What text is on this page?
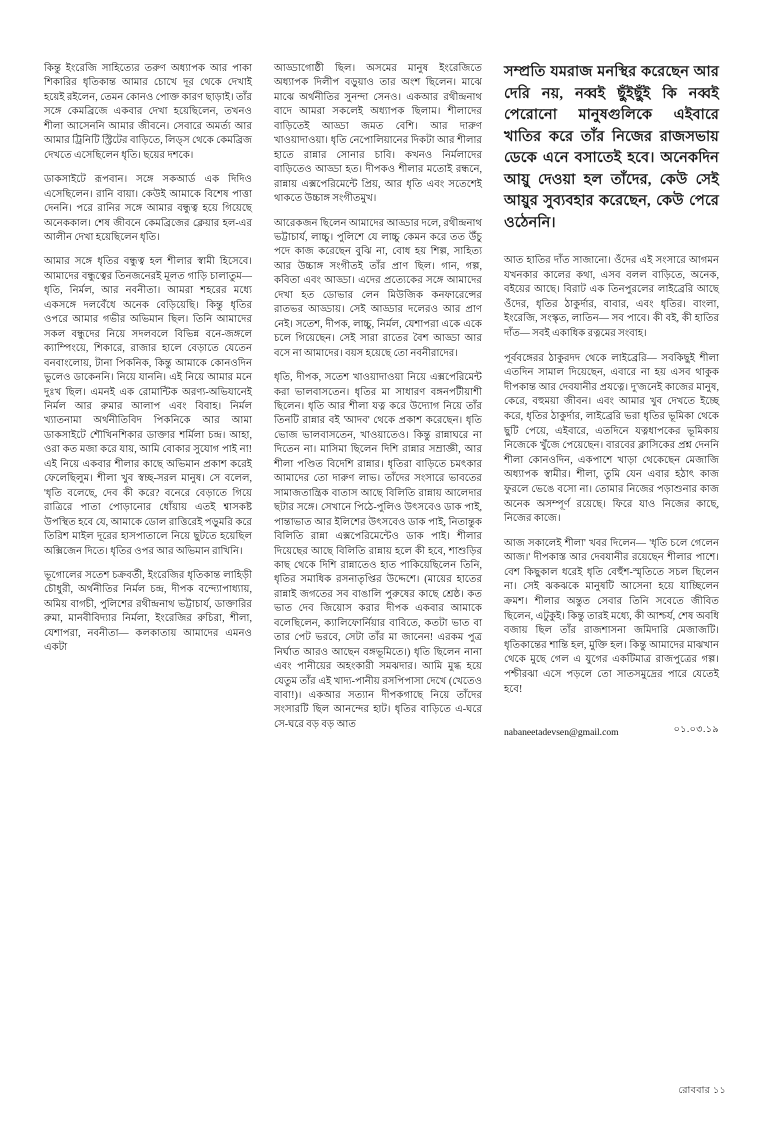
কিন্তু ইংরেজি সাহিত্যের তরুণ অধ্যাপক আর পাকা শিকারির ধৃতিকান্ত আমার চোখে দূর থেকে দেখাই হয়েই রইলেন, তেমন কোনও পোক্ত কারণ ছাড়াই। তাঁর সঙ্গে কেমব্রিজে একবার দেখা হয়েছিলেন, তখনও শীলা আসেননি আমার জীবনে। সেবারে অমর্ত্য আর আমার ট্রিনিটি স্ট্রিটের বাড়িতে, লিড্‌স থেকে কেমব্রিজ দেখতে এসেছিলেন ধৃতি। ছয়ের দশকে।

ডাকসাইটে রূপবান। সঙ্গে সকআর্ড এক দিদিও এসেছিলেন। রানি বায়া। কেউই আমাকে বিশেষ পাত্তা দেননি। পরে রানির সঙ্গে আমার বন্ধুত্ব হয়ে গিয়েছে অনেককাল। শেষ জীবনে কেমব্রিজের ক্লেয়ার হল-এর আলীন দেখা হয়েছিলেন ধৃতি।

আমার সঙ্গে ধৃতির বন্ধুত্ব হল শীলার স্বামী হিসেবে। আমাদের বন্ধুত্বের তিনজনেরই মূলত গাড়ি চালাতুম— ধৃতি, নির্মল, আর নবনীতা। আমরা শহরের মধ্যে একসঙ্গে দলবেঁধে অনেক বেড়িয়েছি। কিন্তু ধৃতির ওপরে আমার গভীর অভিমান ছিল। তিনি আমাদের সকল বন্ধুদের নিয়ে সদলবলে বিভিন্ন বনে-জঙ্গলে ক্যাম্পিংয়ে, শিকারে, রাজার হালে বেড়াতে যেতেন বনবাংলোয়, টানা পিকনিক, কিন্তু আমাকে কোনওদিন ভুলেও ডাকেননি। নিয়ে যাননি। এই নিয়ে আমার মনে দুঃখ ছিল। এমনই এক রোমান্টিক অরণ্য-অভিযানেই নির্মল আর রুমার আলাপ এবং বিবাহ। নির্মল খ্যাতনামা অর্থনীতিবিদ পিকনিকে আর আমা ডাকসাইটে শৌখিনশিকার ডাক্তার শর্মিলা চন্দ্র। আহা, ওরা কত মজা করে যায়, আমি বোকার সুযোগ পাই না! এই নিয়ে একবার শীলার কাছে অভিমান প্রকাশ করেই ফেলেছিলুম। শীলা খুব স্বচ্ছ-সরল মানুষ। সে বলেল, 'ধৃতি বলেছে, দেব কী করে? বনেরে বেড়াতে গিয়ে রাত্রিরে পাতা পোড়ানোর ধোঁয়ায় এতই শ্বাসকষ্ট উপস্থিত হবে যে, আমাকে ডোল রাত্তিরেই পড়ুমরি করে তিরিশ মাইল দূরের হাসপাতালে নিয়ে ছুটতে হয়েছিল অক্সিজেন দিতে। ধৃতির ওপর আর অভিমান রাখিনি।

ভূগোলের সতেশ চক্রবর্তী, ইংরেজির ধৃতিকান্ত লাহিড়ী চৌধুরী, অর্থনীতির নির্মল চন্দ্র, দীপক বন্দ্যোপাধ্যায়, অমিয় বাগচী, পুলিশের রথীন্দ্রনাথ ভট্টাচার্য, ডাক্তারির রুমা, মানবীবিদ্যার নির্মলা, ইংরেজির রুচিরা, শীলা, যেশাপরা, নবনীতা— কলকাতায় আমাদের এমনও একটা

আড্ডাগোষ্ঠী ছিল। অসমের মানুষ ইংরেজিতে অধ্যাপক দিলীপ বড়ুয়াও তার অংশ ছিলেন। মাঝে মাঝে অর্থনীতির সুনন্দা সেনও। একআর রথীন্দ্রনাথ বাদে আমরা সকলেই অধ্যাপক ছিলাম। শীলাদের বাড়িতেই আড্ডা জমত বেশি। আর দারুণ খাওয়াদাওয়া। ধৃতি নেপোলিয়ানের দিকটা আর শীলার হাতে রান্নার সোনার চাবি। কখনও নির্মলাদের বাড়িতেও আড্ডা হত। দীপকও শীলার মতোই রন্ধনে, রান্নায় এক্সপেরিমেন্টে প্রিয়, আর ধৃতি এবং সতেশেই থাকতে উচ্চাঙ্গ সংগীতমুখ।

আরেকজন ছিলেন আমাদের আড্ডার দলে, রথীন্দ্রনাথ ভট্টাচার্য, লাচ্চু। পুলিশে যে লাচ্চু কেমন করে তত উঁচু পদে কাজ করেছেন বুঝি না, বোধ হয় শিল্প, সাহিত্য আর উচ্চাঙ্গ সংগীতই তাঁর প্রাণ ছিল। গান, গল্প, কবিতা এবং আড্ডা। এদের প্রত্যেকের সঙ্গে আমাদের দেখা হত ডোভার লেন মিউজিক কনফারেন্সের রাতভর আড্ডায়। সেই আড্ডার দলেরও আর প্রাণ নেই। সতেশ, দীপক, লাচ্চু, নির্মল, যেশাপরা একে একে চলে গিয়েছেন। সেই সারা রাতের বৈশ আড্ডা আর বসে না আমাদের। বয়স হয়েছে তো নবনীরাদের।

ধৃতি, দীপক, সতেশ খাওয়াদাওয়া নিয়ে এক্সপেরিমেন্ট করা ভালবাসতেন। ধৃতির মা সাধারণ বঙ্গনপটীয়াশী ছিলেন। ধৃতি আর শীলা যত্ন করে উদ্যোগ নিয়ে তাঁর তিনটি রান্নার বই 'আদব' থেকে প্রকাশ করেছেন। ধৃতি ভোজ ভালবাসতেন, খাওয়াতেও। কিন্তু রান্নাঘরে না দিতেন না। মাসিমা ছিলেন দিশি রান্নার সম্রাজ্ঞী, আর শীলা পণ্ডিত বিদেশি রান্নার। ধৃতিরা বাড়িতে চমৎকার আমাদের তো দারুণ লাভ। তাঁদের সংসারে ভাবতের সামাজতান্ত্রিক বাতাস আছে বিলিতি রান্নায় আলেদার ছটার সঙ্গে। সেখানে পিঠে-পুলিও উৎসবেও ডাক পাই, পান্তাভাত আর ইলিশের উৎসবেও ডাক পাই, নিতান্তুক বিলিতি রান্না এক্সপেরিমেন্টেও ডাক পাই। শীলার দিয়েছের আছে বিলিতি রান্নায় হলে কী হবে, শাশুড়ির কাছ থেকে দিশি রান্নাতেও হাত পাকিয়েছিলেন তিনি, ধৃতির সমাধিক রসনাতৃপ্তির উদ্দেশে। (মায়ের হাতের রান্নাই জগতের সব বাঙালি পুরুষের কাছে শ্রেষ্ঠ। কত ভাত দেব জিয়োস করার দীপক একবার আমাকে বলেছিলেন, ক্যালিফোর্নিয়ার বাবিতে, কতটা ভাত বা তার পেট ভরবে, সেটা তাঁর মা জানেন! এরকম পুত্র নির্ঘাত আরও আছেন বঙ্গভূমিতে।) ধৃতি ছিলেন নানা এবং পানীয়ের অহংকারী সমঝদার। আমি মুগ্ধ হয়ে যেতুম তাঁর এই খাদ্য-পানীয় রসপিপাসা দেখে (খেতেও বাবা!)। একআর সত্যান দীপকগাছে নিয়ে তাঁদের সংসারটি ছিল আনন্দের হাট। ধৃতির বাড়িতে এ-ঘরে সে-ঘরে বড় বড় আত

সম্প্রতি যমরাজ মনস্থির করেছেন আর দেরি নয়, নব্বই ছুঁইছুঁই কি নব্বই পেরোনো মানুষগুলিকে এইবারে খাতির করে তাঁর নিজের রাজসভায় ডেকে এনে বসাতেই হবে। অনেকদিন আয়ু দেওয়া হল তাঁদের, কেউ সেই আয়ুর সুব্যবহার করেছেন, কেউ পেরে ওঠেননি।

আত হাতির দাঁত সাজানো। ওঁদের এই সংসারে আগমন যখনকার কালের কথা, এসব বলল বাড়িতে, অনেক, বইয়ের আছে। বিরাট এক তিনপুরলের লাইব্রেরি আছে ওঁদের, ধৃতির ঠাকুর্দার, বাবার, এবং ধৃতির। বাংলা, ইংরেজি, সংস্কৃত, লাতিন— সব পাবে। কী বই, কী হাতির দাঁত— সবই একাধিক রত্নমের সংবাহ।

পূর্ববঙ্গেরর ঠাকুরদদ থেকে লাইব্রেরি— সবকিছুই শীলা এতদিন সামাল দিয়েছেন, এবারে না হয় এসব থাকুক দীপকান্ত আর দেবযানীর প্রযত্নে। দু'জনেই কাজের মানুষ, কেরে, বহুময়া জীবন। এবং আমার খুব দেখতে ইচ্ছে করে, ধৃতির ঠাকুর্দার, লাইব্রেরি ভরা ধৃতির ভূমিকা থেকে ছুটি পেয়ে, এইবারে, এতদিনে যত্নধাপকের ভূমিকায় নিজেকে খুঁজে পেয়েছেন। বারবের ক্লাসিকের প্রশ্ন দেননি শীলা কোনওদিন, একপাশে খাড়া থেকেছেন মেজাজি অধ্যাপক স্বামীর। শীলা, তুমি যেন এবার হঠাৎ কাজ ফুরলে ভেঙে বসো না। তোমার নিজের পড়াশুনার কাজ অনেক অসম্পূর্ণ রয়েছে। ফিরে যাও নিজের কাছে, নিজের কাজে।

আজ সকালেই শীলা' খবর দিলেন— 'ধৃতি চলে গেলেন আজ।' দীপকাস্ত আর দেবযানীর রয়েছেন শীলার পাশে। বেশ কিছুকাল ধরেই ধৃতি বেহুঁশ-স্মৃতিতে সচল ছিলেন না। সেই ঝকঝকে মানুষটি আসেনা হয়ে যাচ্ছিলেন ক্রমশ। শীলার অন্তুত সেবার তিনি সবেতে জীবিত ছিলেন, এটুকুই। কিন্তু তারই মধ্যে, কী আশ্চর্য, শেষ অবধি বজায় ছিল তাঁর রাজশাসনা জমিদারি মেজাজটি। ধৃতিকান্তের শান্তি হল, মুক্তি হল। কিন্তু আমাদের মাঝখান থেকে মুছে গেল এ যুগের একটিমাত্র রাজপুত্রের গল্প। পশ্চীরঝা এসে পড়লে তো সাতসমুদ্রের পারে যেতেই হবে!

nabaneetadevsen@gmail.com	০১.০৩.১৯
রোববার ১১
